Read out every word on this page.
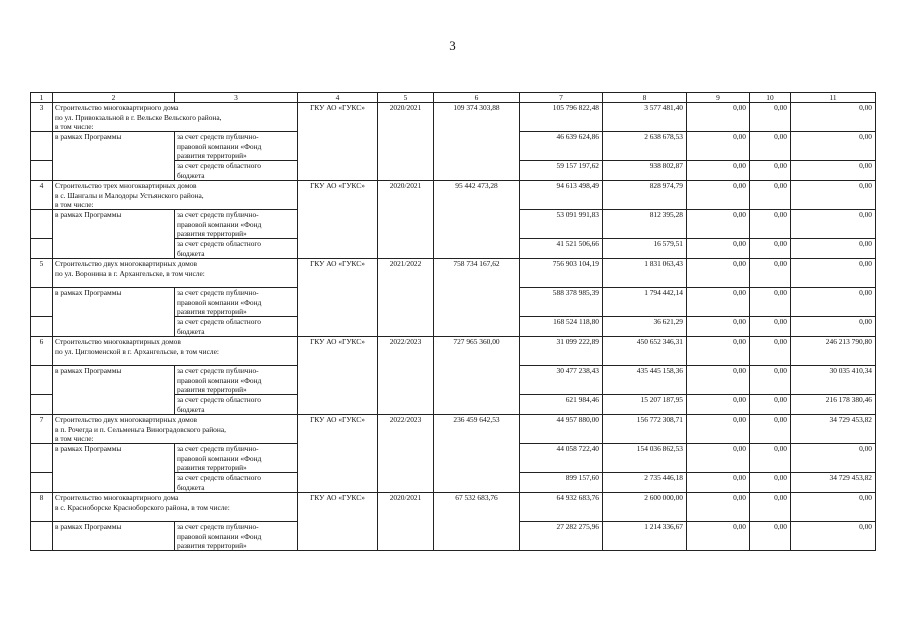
3
1	2	3	4	5	6	7	8	9	10	11
3	Строительство многоквартирного дома
по ул. Привокзальной в г. Вельске Вельского района,
в том числе:		ГКУ АО «ГУКС»	2020/2021	109 374 303,88	105 796 822,48	3 577 481,40	0,00	0,00	0,00
	в рамках Программы	за счет средств публично-
правовой компании «Фонд
развития территорий»				46 639 624,86	2 638 678,53	0,00	0,00	0,00
		за счет средств областного
бюджета				59 157 197,62	938 802,87	0,00	0,00	0,00
4	Строительство трех многоквартирных домов
в с. Шангалы и Малодоры Устьянского района,
в том числе:		ГКУ АО «ГУКС»	2020/2021	95 442 473,28	94 613 498,49	828 974,79	0,00	0,00	0,00
	в рамках Программы	за счет средств публично-
правовой компании «Фонд
развития территорий»				53 091 991,83	812 395,28	0,00	0,00	0,00
		за счет средств областного
бюджета				41 521 506,66	16 579,51	0,00	0,00	0,00
5	Строительство двух многоквартирных домов
по ул. Воронина в г. Архангельске, в том числе:		ГКУ АО «ГУКС»	2021/2022	758 734 167,62	756 903 104,19	1 831 063,43	0,00	0,00	0,00
	в рамках Программы	за счет средств публично-
правовой компании «Фонд
развития территорий»				588 378 985,39	1 794 442,14	0,00	0,00	0,00
		за счет средств областного
бюджета				168 524 118,80	36 621,29	0,00	0,00	0,00
6	Строительство многоквартирных домов
по ул. Цигломенской в г. Архангельске, в том числе:		ГКУ АО «ГУКС»	2022/2023	727 965 360,00	31 099 222,89	450 652 346,31	0,00	0,00	246 213 790,80
	в рамках Программы	за счет средств публично-
правовой компании «Фонд
развития территорий»				30 477 238,43	435 445 158,36	0,00	0,00	30 035 410,34
		за счет средств областного
бюджета				621 984,46	15 207 187,95	0,00	0,00	216 178 380,46
7	Строительство двух многоквартирных домов
в п. Рочегда и п. Сельменьга Виноградовского района,
в том числе:		ГКУ АО «ГУКС»	2022/2023	236 459 642,53	44 957 880,00	156 772 308,71	0,00	0,00	34 729 453,82
	в рамках Программы	за счет средств публично-
правовой компании «Фонд
развития территорий»				44 058 722,40	154 036 862,53	0,00	0,00	0,00
		за счет средств областного
бюджета				899 157,60	2 735 446,18	0,00	0,00	34 729 453,82
8	Строительство многоквартирного дома
в с. Красноборске Красноборского района, в том числе:		ГКУ АО «ГУКС»	2020/2021	67 532 683,76	64 932 683,76	2 600 000,00	0,00	0,00	0,00
	в рамках Программы	за счет средств публично-
правовой компании «Фонд
развития территорий»				27 282 275,96	1 214 336,67	0,00	0,00	0,00
